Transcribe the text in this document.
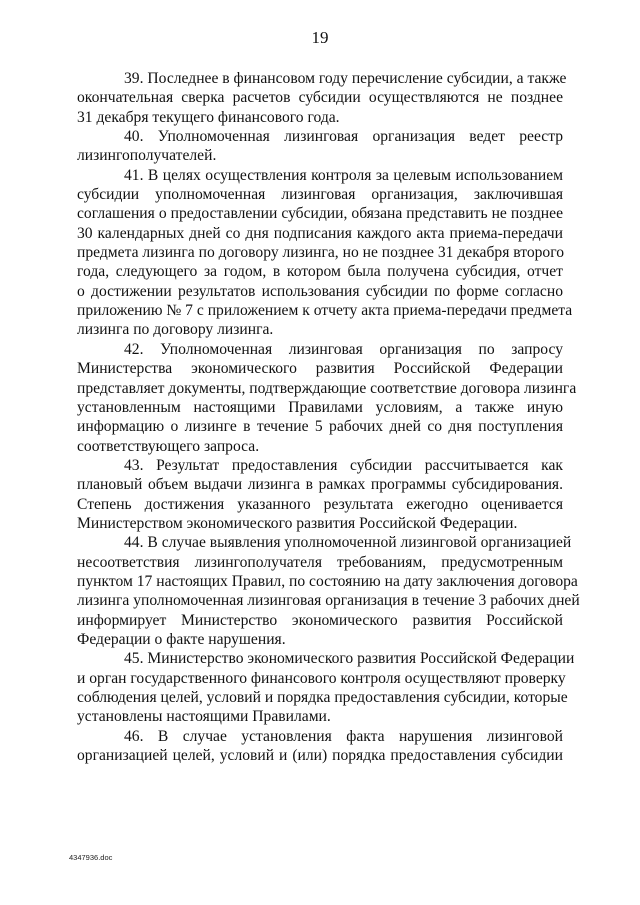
19
39. Последнее в финансовом году перечисление субсидии, а также
окончательная сверка расчетов субсидии осуществляются не позднее
31 декабря текущего финансового года.
40. Уполномоченная лизинговая организация ведет реестр
лизингополучателей.
41. В целях осуществления контроля за целевым использованием
субсидии уполномоченная лизинговая организация, заключившая
соглашения о предоставлении субсидии, обязана представить не позднее
30 календарных дней со дня подписания каждого акта приема-передачи
предмета лизинга по договору лизинга, но не позднее 31 декабря второго
года, следующего за годом, в котором была получена субсидия, отчет
о достижении результатов использования субсидии по форме согласно
приложению № 7 с приложением к отчету акта приема-передачи предмета
лизинга по договору лизинга.
42. Уполномоченная лизинговая организация по запросу
Министерства экономического развития Российской Федерации
представляет документы, подтверждающие соответствие договора лизинга
установленным настоящими Правилами условиям, а также иную
информацию о лизинге в течение 5 рабочих дней со дня поступления
соответствующего запроса.
43. Результат предоставления субсидии рассчитывается как
плановый объем выдачи лизинга в рамках программы субсидирования.
Степень достижения указанного результата ежегодно оценивается
Министерством экономического развития Российской Федерации.
44. В случае выявления уполномоченной лизинговой организацией
несоответствия лизингополучателя требованиям, предусмотренным
пунктом 17 настоящих Правил, по состоянию на дату заключения договора
лизинга уполномоченная лизинговая организация в течение 3 рабочих дней
информирует Министерство экономического развития Российской
Федерации о факте нарушения.
45. Министерство экономического развития Российской Федерации
и орган государственного финансового контроля осуществляют проверку
соблюдения целей, условий и порядка предоставления субсидии, которые
установлены настоящими Правилами.
46. В случае установления факта нарушения лизинговой
организацией целей, условий и (или) порядка предоставления субсидии
4347936.doc
